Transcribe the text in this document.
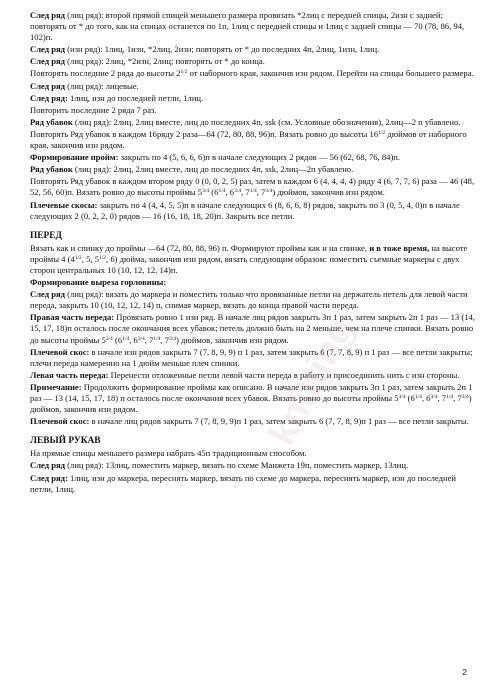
knitting

След ряд (лиц ряд): второй прямой спицей меньшего размера провязать *2лиц с передней спицы, 2изн с задней; повторять от * до того, как на спицах останется по 1п, 1лиц с передней спицы и 1лиц с задней спицы — 70 (78, 86, 94, 102)п.

След ряд (изн ряд): 1лиц, 1изн, *2лиц, 2изн; повторять от * до последних 4п, 2лиц, 1изн, 1лиц.

След ряд (лиц ряд): 2лиц, *2изн, 2лиц; повторять от * до конца.

Повторять последние 2 ряда до высоты $2^{1/2}$ от наборного края, закончив изн рядом. Перейти на спицы большего размера.

След ряд (лиц ряд): лицевые.

След ряд: 1лиц, изн до последней петли, 1лиц.

Повторить последние 2 ряда 7 раз.

Ряд убавок (лиц ряд): 2лиц, 2лиц вместе, лиц до последних 4п, ssk (см. Условные обозначения), 2лиц—2 п убавлено.

Повторять Ряд убавок в каждом 16ряду 2 раза—64 (72, 80, 88, 96)п. Вязать ровно до высоты $16^{1/2}$ дюймов от наборного края, закончив изн рядом.

Формирование пройм: закрыть по 4 (5, 6, 6, 6)п в начале следующих 2 рядов — 56 (62, 68, 76, 84)п.

Ряд убавок (лиц ряд): 2лиц, 2лиц вместе, лиц до последних 4п, ssk, 2лиц—2п убавлено.

Повторять Ряд убавок в каждом втором ряду 0 (0, 0, 2, 5) раз, затем в каждом 6 (4, 4, 4, 4) ряду 4 (6, 7, 7, 6) раза — 46 (48, 52, 56, 60)п. Вязать ровно до высоты проймы $5^{3/4}$ ($6^{1/4}$, $6^{3/4}$, $7^{1/4}$, $7^{3/4}$) дюймов, закончив изн рядом.

Плечевые скосы: закрыть по 4 (4, 4, 5, 5)п в начале следующих 6 (8, 6, 6, 8) рядов, закрыть по 3 (0, 5, 4, 0)п в начале следующих 2 (0, 2, 2, 0) рядов — 16 (16, 18, 18, 20)п. Закрыть все петли.

ПЕРЕД

Вязать как и спинку до проймы —64 (72, 80, 88, 96) п. Формируют проймы как и на спинке, и в тоже время, на высоте проймы 4 ($4^{1/2}$, 5, $5^{1/2}$, 6) дюйма, закончив изн рядом, вязать следующим образом: поместить съемные маркеры с двух сторон центральных 10 (10, 12, 12, 14)п.

Формирование выреза горловины:

След ряд (лиц ряд): вязать до маркера и поместить только что провязанные петли на держатель петель для левой части переда, закрыть 10 (10, 12, 12, 14) п, снимая маркер, вязать до конца правой части переда.

Правая часть переда: Провязать ровно 1 изн ряд. В начале лиц рядов закрыть 3п 1 раз, затем закрыть 2п 1 раз — 13 (14, 15, 17, 18)п осталось после окончания всех убавок; петель должно быть на 2 меньше, чем на плече спинки. Вязать ровно до высоты проймы $5^{3/4}$ ($6^{1/4}$, $6^{3/4}$, $7^{1/4}$, $7^{3/4}$) дюймов, закончив изн рядом.

Плечевой скос: в начале изн рядов закрыть 7 (7, 8, 9, 9) п 1 раз, затем закрыть 6 (7, 7, 8, 9) п 1 раз — все петли закрыты; плечи переда намеренно на 1 дюйм меньше плеч спинки.

Левая часть переда: Перенести отложенные петли левой части переда в работу и присоединить нить с изн стороны.

Примечание: Продолжить формирование проймы как описано. В начале изн рядов закрыть 3п 1 раз, затем закрыть 2п 1 раз — 13 (14, 15, 17, 18) п осталось после окончания всех убавок. Вязать ровно до высоты проймы $5^{3/4}$ ($6^{1/4}$, $6^{3/4}$, $7^{1/4}$, $7^{3/4}$) дюймов, закончив изн рядом.

Плечевой скос: в начале лиц рядов закрыть 7 (7, 8, 9, 9)п 1 раз, затем закрыть 6 (7, 7, 8, 9)п 1 раз — все петли закрыты.

ЛЕВЫЙ РУКАВ

На прямые спицы меньшего размера набрать 45п традиционным способом.

След ряд (лиц ряд): 13лиц, поместить маркер, вязать по схеме Манжета 19п, поместить маркер, 13лиц.

След ряд: 1лиц, изн до маркера, переснять маркер, вязать по схеме до маркера, переснять маркер, изн до последней петли, 1лиц.

2
